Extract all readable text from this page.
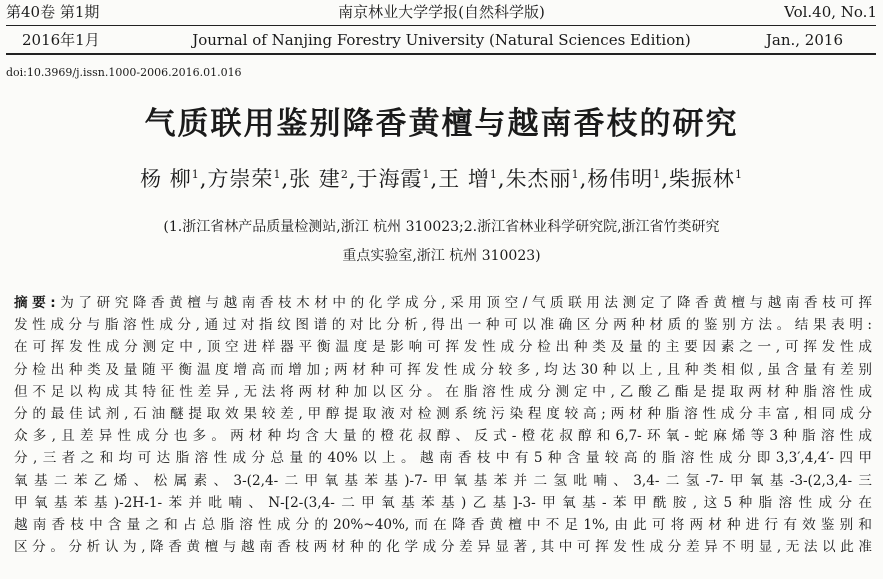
第40卷 第1期
2016年1月
南京林业大学学报(自然科学版)
Journal of Nanjing Forestry University (Natural Sciences Edition)
Vol.40, No.1
Jan., 2016
doi:10.3969/j.issn.1000-2006.2016.01.016
气质联用鉴别降香黄檀与越南香枝的研究
杨 柳$^1$,方崇荣$^1$,张 建$^2$,于海霞$^1$,王 增$^1$,朱杰丽$^1$,杨伟明$^1$,柴振林$^1$
(1.浙江省林产品质量检测站,浙江 杭州 310023;2.浙江省林业科学研究院,浙江省竹类研究
重点实验室,浙江 杭州 310023)
摘要:为了研究降香黄檀与越南香枝木材中的化学成分,采用顶空/气质联用法测定了降香黄檀与越南香枝可挥
发性成分与脂溶性成分,通过对指纹图谱的对比分析,得出一种可以准确区分两种材质的鉴别方法。结果表明:
在可挥发性成分测定中,顶空进样器平衡温度是影响可挥发性成分检出种类及量的主要因素之一,可挥发性成
分检出种类及量随平衡温度增高而增加;两材种可挥发性成分较多,均达30种以上,且种类相似,虽含量有差别
但不足以构成其特征性差异,无法将两材种加以区分。在脂溶性成分测定中,乙酸乙酯是提取两材种脂溶性成
分的最佳试剂,石油醚提取效果较差,甲醇提取液对检测系统污染程度较高;两材种脂溶性成分丰富,相同成分
众多,且差异性成分也多。两材种均含大量的橙花叔醇、反式-橙花叔醇和6,7-环氧-蛇麻烯等3种脂溶性成
分,三者之和均可达脂溶性成分总量的40%以上。越南香枝中有5种含量较高的脂溶性成分即3,3′,4,4′-四甲
氧基二苯乙烯、松属素、3-(2,4-二甲氧基苯基)-7-甲氧基苯并二氢吡喃、3,4-二氢-7-甲氧基-3-(2,3,4-三
甲氧基苯基)-2H-1-苯并吡喃、N-[2-(3,4-二甲氧基苯基)乙基]-3-甲氧基-苯甲酰胺,这5种脂溶性成分在
越南香枝中含量之和占总脂溶性成分的20%~40%,而在降香黄檀中不足1%,由此可将两材种进行有效鉴别和
区分。分析认为,降香黄檀与越南香枝两材种的化学成分差异显著,其中可挥发性成分差异不明显,无法以此准
